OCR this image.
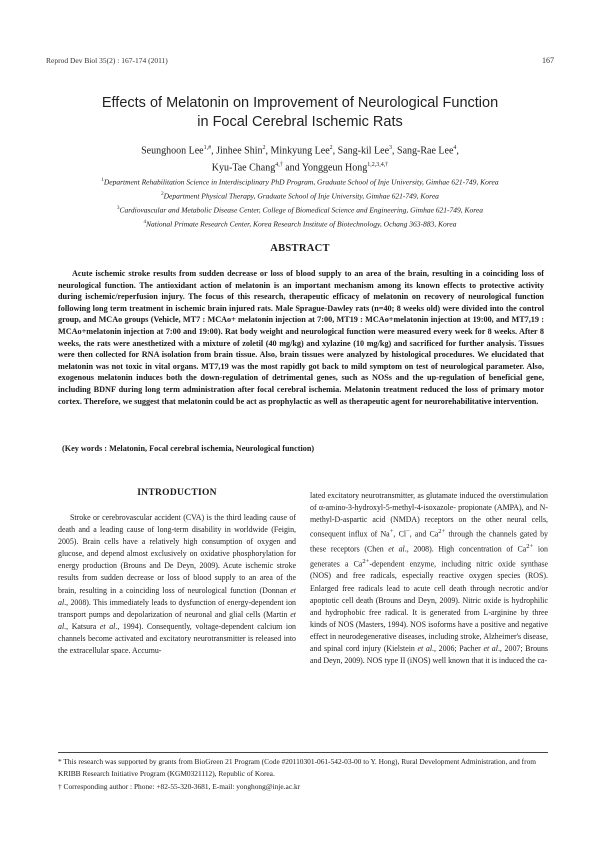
Reprod Dev Biol 35(2) : 167-174 (2011)	167
Effects of Melatonin on Improvement of Neurological Function
in Focal Cerebral Ischemic Rats
Seunghoon Lee$^{1,\#}$, Jinhee Shin$^2$, Minkyung Lee$^2$, Sang-kil Lee$^3$, Sang-Rae Lee$^4$,
Kyu-Tae Chang$^{4,\dagger}$ and Yonggeun Hong$^{1,2,3,4,\dagger}$
$^1$Department Rehabilitation Science in Interdisciplinary PhD Program, Graduate School of Inje University, Gimhae 621-749, Korea
$^2$Department Physical Therapy, Graduate School of Inje University, Gimhae 621-749, Korea
$^3$Cardiovascular and Metabolic Disease Center, College of Biomedical Science and Engineering, Gimhae 621-749, Korea
$^4$National Primate Research Center, Korea Research Institute of Biotechnology, Ochang 363-883, Korea
ABSTRACT

Acute ischemic stroke results from sudden decrease or loss of blood supply to an area of the brain, resulting in a coinciding loss of neurological function. The antioxidant action of melatonin is an important mechanism among its known effects to protective activity during ischemic/reperfusion injury. The focus of this research, therapeutic efficacy of melatonin on recovery of neurological function following long term treatment in ischemic brain injured rats. Male Sprague-Dawley rats (n=40; 8 weeks old) were divided into the control group, and MCAo groups (Vehicle, MT7 : MCAo+ melatonin injection at 7:00, MT19 : MCAo+melatonin injection at 19:00, and MT7,19 : MCAo+melatonin injection at 7:00 and 19:00). Rat body weight and neurological function were measured every week for 8 weeks. After 8 weeks, the rats were anesthetized with a mixture of zoletil (40 mg/kg) and xylazine (10 mg/kg) and sacrificed for further analysis. Tissues were then collected for RNA isolation from brain tissue. Also, brain tissues were analyzed by histological procedures. We elucidated that melatonin was not toxic in vital organs. MT7,19 was the most rapidly got back to mild symptom on test of neurological parameter. Also, exogenous melatonin induces both the down-regulation of detrimental genes, such as NOSs and the up-regulation of beneficial gene, including BDNF during long term administration after focal cerebral ischemia. Melatonin treatment reduced the loss of primary motor cortex. Therefore, we suggest that melatonin could be act as prophylactic as well as therapeutic agent for neurorehabilitative intervention.

(Key words : Melatonin, Focal cerebral ischemia, Neurological function)
INTRODUCTION

Stroke or cerebrovascular accident (CVA) is the third leading cause of death and a leading cause of long-term disability in worldwide (Feigin, 2005). Brain cells have a relatively high consumption of oxygen and glucose, and depend almost exclusively on oxidative phosphorylation for energy production (Brouns and De Deyn, 2009). Acute ischemic stroke results from sudden decrease or loss of blood supply to an area of the brain, resulting in a coinciding loss of neurological function (Donnan et al., 2008). This immediately leads to dysfunction of energy-dependent ion transport pumps and depolarization of neuronal and glial cells (Martin et al., Katsura et al., 1994). Consequently, voltage-dependent calcium ion channels become activated and excitatory neurotransmitter is released into the extracellular space. Accumu-

lated excitatory neurotransmitter, as glutamate induced the overstimulation of α-amino-3-hydroxyl-5-methyl-4-isoxazole- propionate (AMPA), and N-methyl-D-aspartic acid (NMDA) receptors on the other neural cells, consequent influx of Na+, Cl−, and $Ca^{2+}$ through the channels gated by these receptors (Chen et al., 2008). High concentration of $Ca^{2+}$ ion generates a $Ca^{2+}$-dependent enzyme, including nitric oxide synthase (NOS) and free radicals, especially reactive oxygen species (ROS). Enlarged free radicals lead to acute cell death through necrotic and/or apoptotic cell death (Brouns and Deyn, 2009). Nitric oxide is hydrophilic and hydrophobic free radical. It is generated from L-arginine by three kinds of NOS (Masters, 1994). NOS isoforms have a positive and negative effect in neurodegenerative diseases, including stroke, Alzheimer's disease, and spinal cord injury (Kielstein et al., 2006; Pacher et al., 2007; Brouns and Deyn, 2009). NOS type II (iNOS) well known that it is induced the ca-

* This research was supported by grants from BioGreen 21 Program (Code #20110301-061-542-03-00 to Y. Hong), Rural Development Administration, and from KRIBB Research Initiative Program (KGM0321112), Republic of Korea.
† Corresponding author : Phone: +82-55-320-3681, E-mail: yonghong@inje.ac.kr
